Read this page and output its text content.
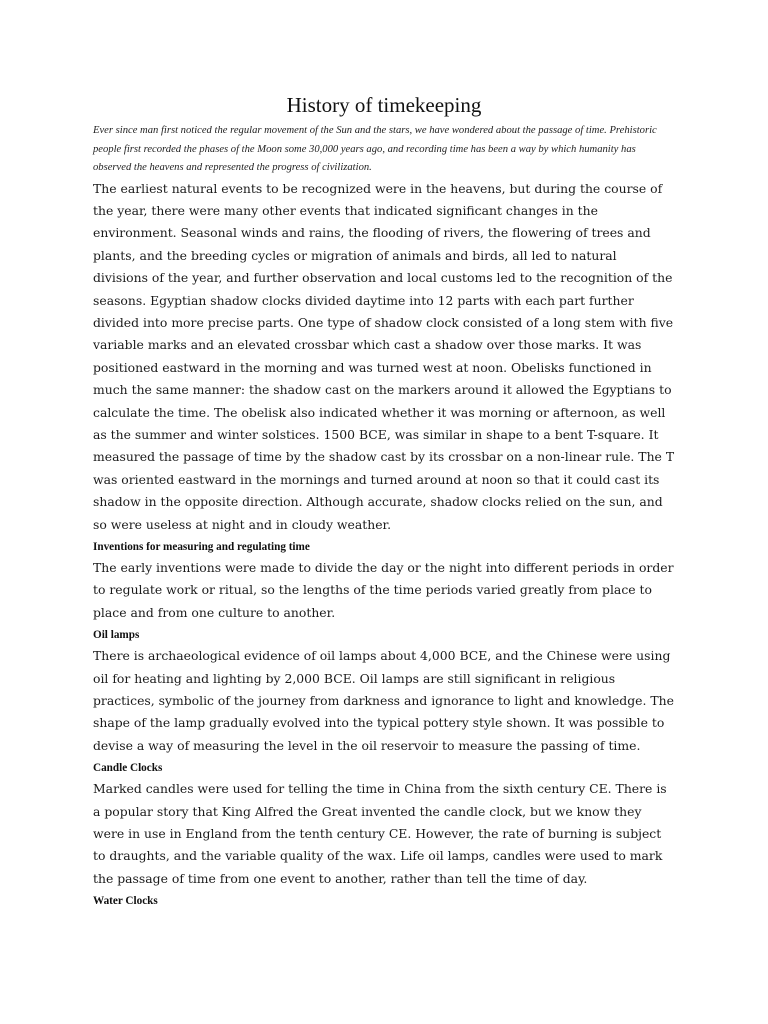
History of timekeeping

Ever since man first noticed the regular movement of the Sun and the stars, we have wondered about the passage of time. Prehistoric people first recorded the phases of the Moon some 30,000 years ago, and recording time has been a way by which humanity has observed the heavens and represented the progress of civilization.

The earliest natural events to be recognized were in the heavens, but during the course of the year, there were many other events that indicated significant changes in the environment. Seasonal winds and rains, the flooding of rivers, the flowering of trees and plants, and the breeding cycles or migration of animals and birds, all led to natural divisions of the year, and further observation and local customs led to the recognition of the seasons. Egyptian shadow clocks divided daytime into 12 parts with each part further divided into more precise parts. One type of shadow clock consisted of a long stem with five variable marks and an elevated crossbar which cast a shadow over those marks. It was positioned eastward in the morning and was turned west at noon. Obelisks functioned in much the same manner: the shadow cast on the markers around it allowed the Egyptians to calculate the time. The obelisk also indicated whether it was morning or afternoon, as well as the summer and winter solstices. 1500 BCE, was similar in shape to a bent T-square. It measured the passage of time by the shadow cast by its crossbar on a non-linear rule. The T was oriented eastward in the mornings and turned around at noon so that it could cast its shadow in the opposite direction. Although accurate, shadow clocks relied on the sun, and so were useless at night and in cloudy weather.

Inventions for measuring and regulating time

The early inventions were made to divide the day or the night into different periods in order to regulate work or ritual, so the lengths of the time periods varied greatly from place to place and from one culture to another.

Oil lamps

There is archaeological evidence of oil lamps about 4,000 BCE, and the Chinese were using oil for heating and lighting by 2,000 BCE. Oil lamps are still significant in religious practices, symbolic of the journey from darkness and ignorance to light and knowledge. The shape of the lamp gradually evolved into the typical pottery style shown. It was possible to devise a way of measuring the level in the oil reservoir to measure the passing of time.

Candle Clocks

Marked candles were used for telling the time in China from the sixth century CE. There is a popular story that King Alfred the Great invented the candle clock, but we know they were in use in England from the tenth century CE. However, the rate of burning is subject to draughts, and the variable quality of the wax. Life oil lamps, candles were used to mark the passage of time from one event to another, rather than tell the time of day.

Water Clocks
